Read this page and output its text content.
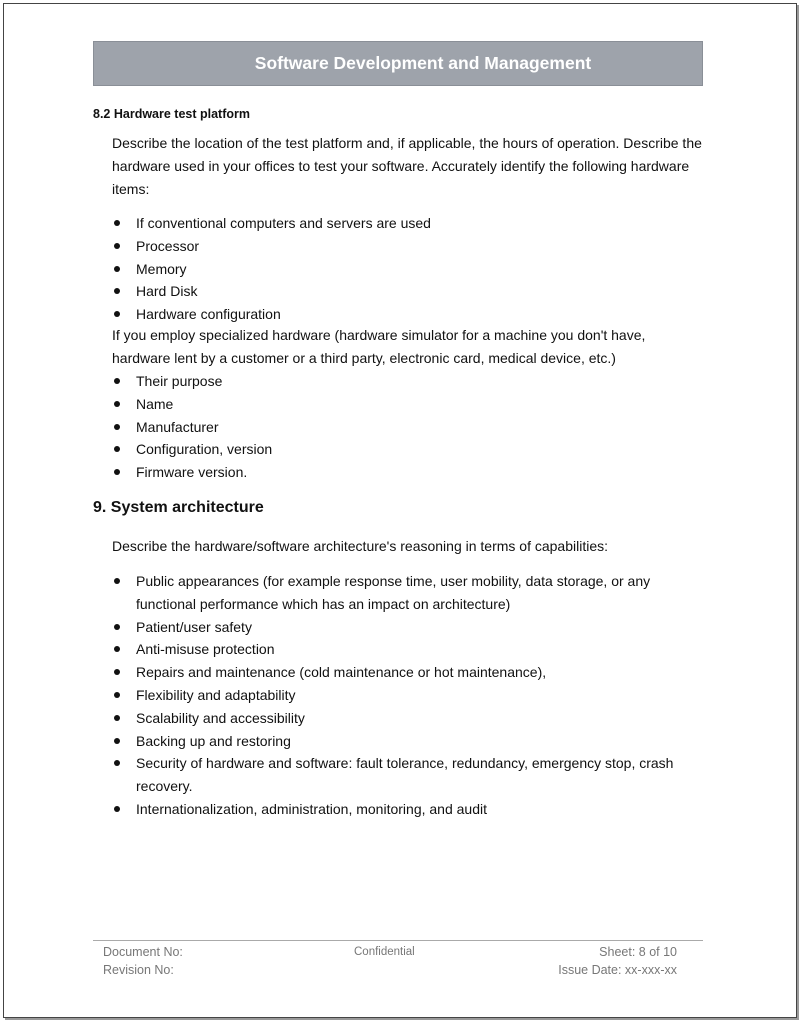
Software Development and Management
8.2 Hardware test platform

Describe the location of the test platform and, if applicable, the hours of operation. Describe the hardware used in your offices to test your software. Accurately identify the following hardware items:

If conventional computers and servers are used
Processor
Memory
Hard Disk
Hardware configuration

If you employ specialized hardware (hardware simulator for a machine you don't have, hardware lent by a customer or a third party, electronic card, medical device, etc.)

Their purpose
Name
Manufacturer
Configuration, version
Firmware version.
9. System architecture

Describe the hardware/software architecture's reasoning in terms of capabilities:

Public appearances (for example response time, user mobility, data storage, or any functional performance which has an impact on architecture)
Patient/user safety
Anti-misuse protection
Repairs and maintenance (cold maintenance or hot maintenance),
Flexibility and adaptability
Scalability and accessibility
Backing up and restoring
Security of hardware and software: fault tolerance, redundancy, emergency stop, crash recovery.
Internationalization, administration, monitoring, and audit
Document No:
Revision No:
Confidential	Sheet: 8 of 10
Issue Date: xx-xxx-xx
